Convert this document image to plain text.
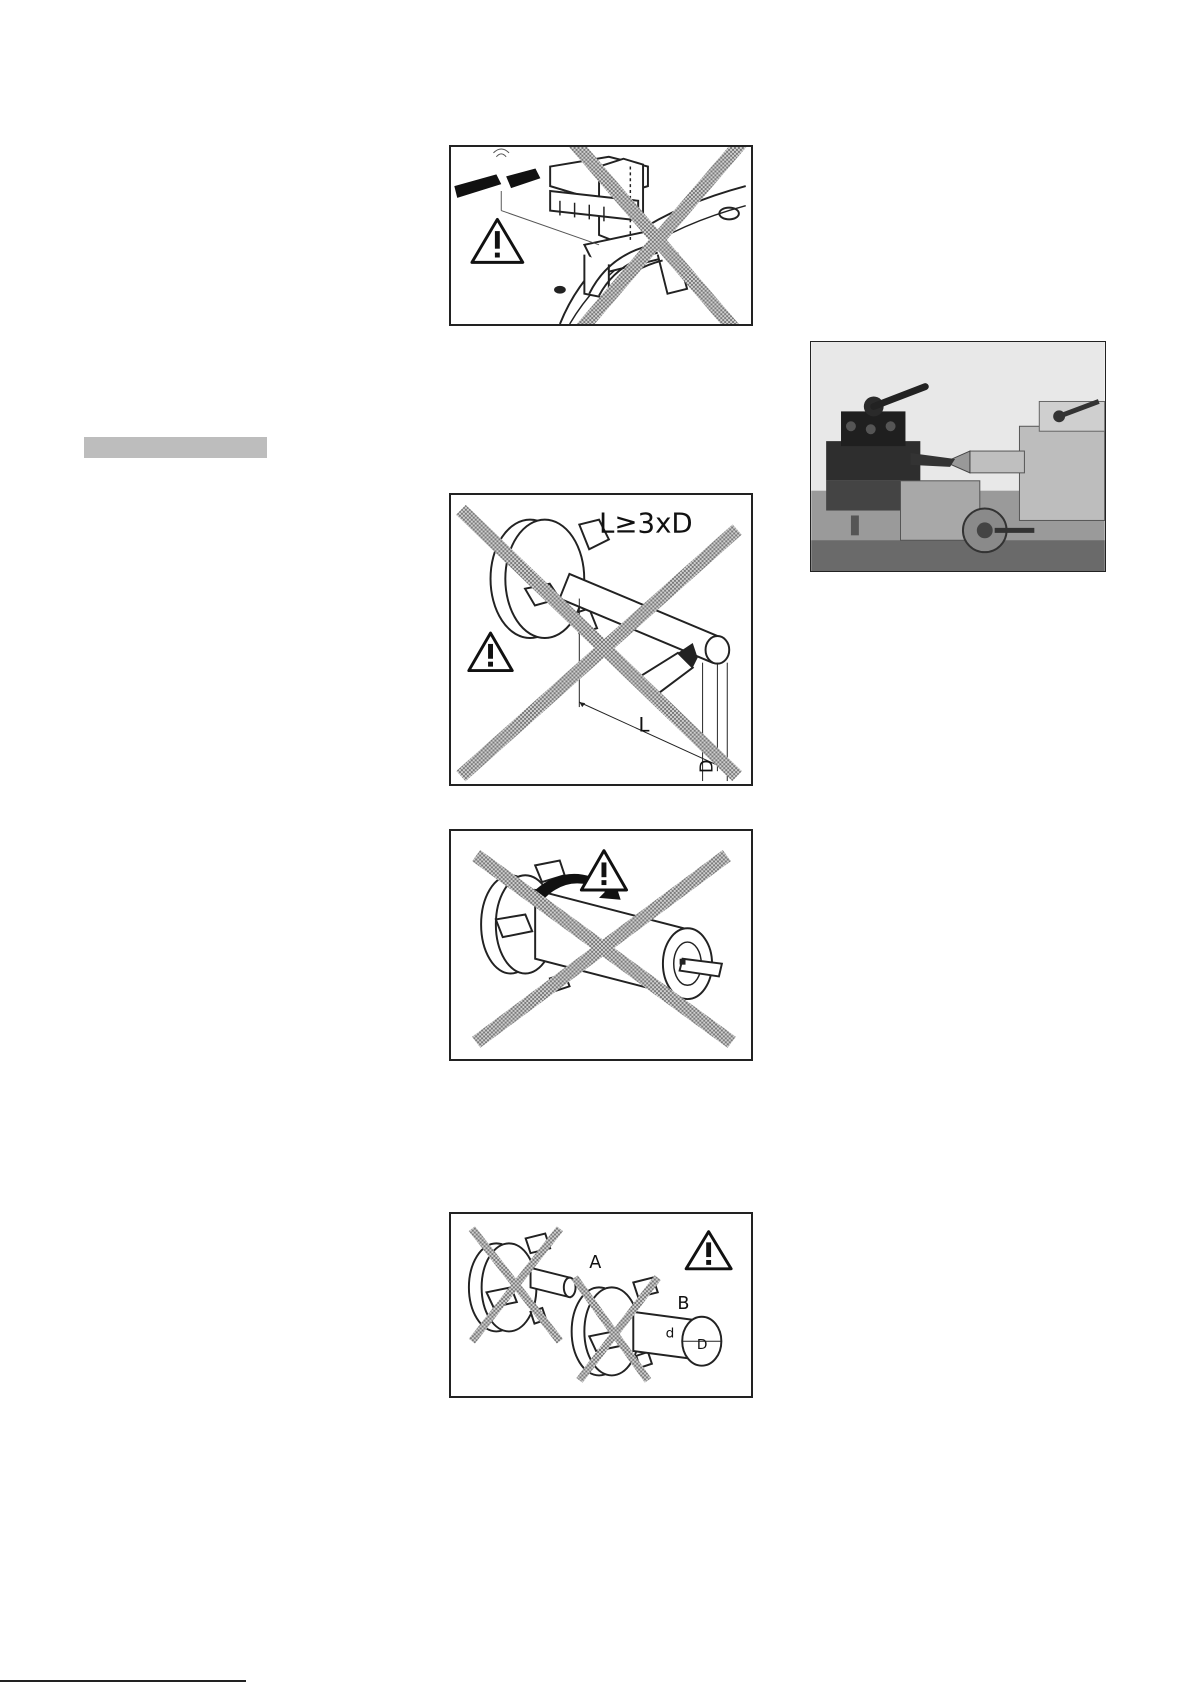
L≥3xD
L
D
A
B
d
D
